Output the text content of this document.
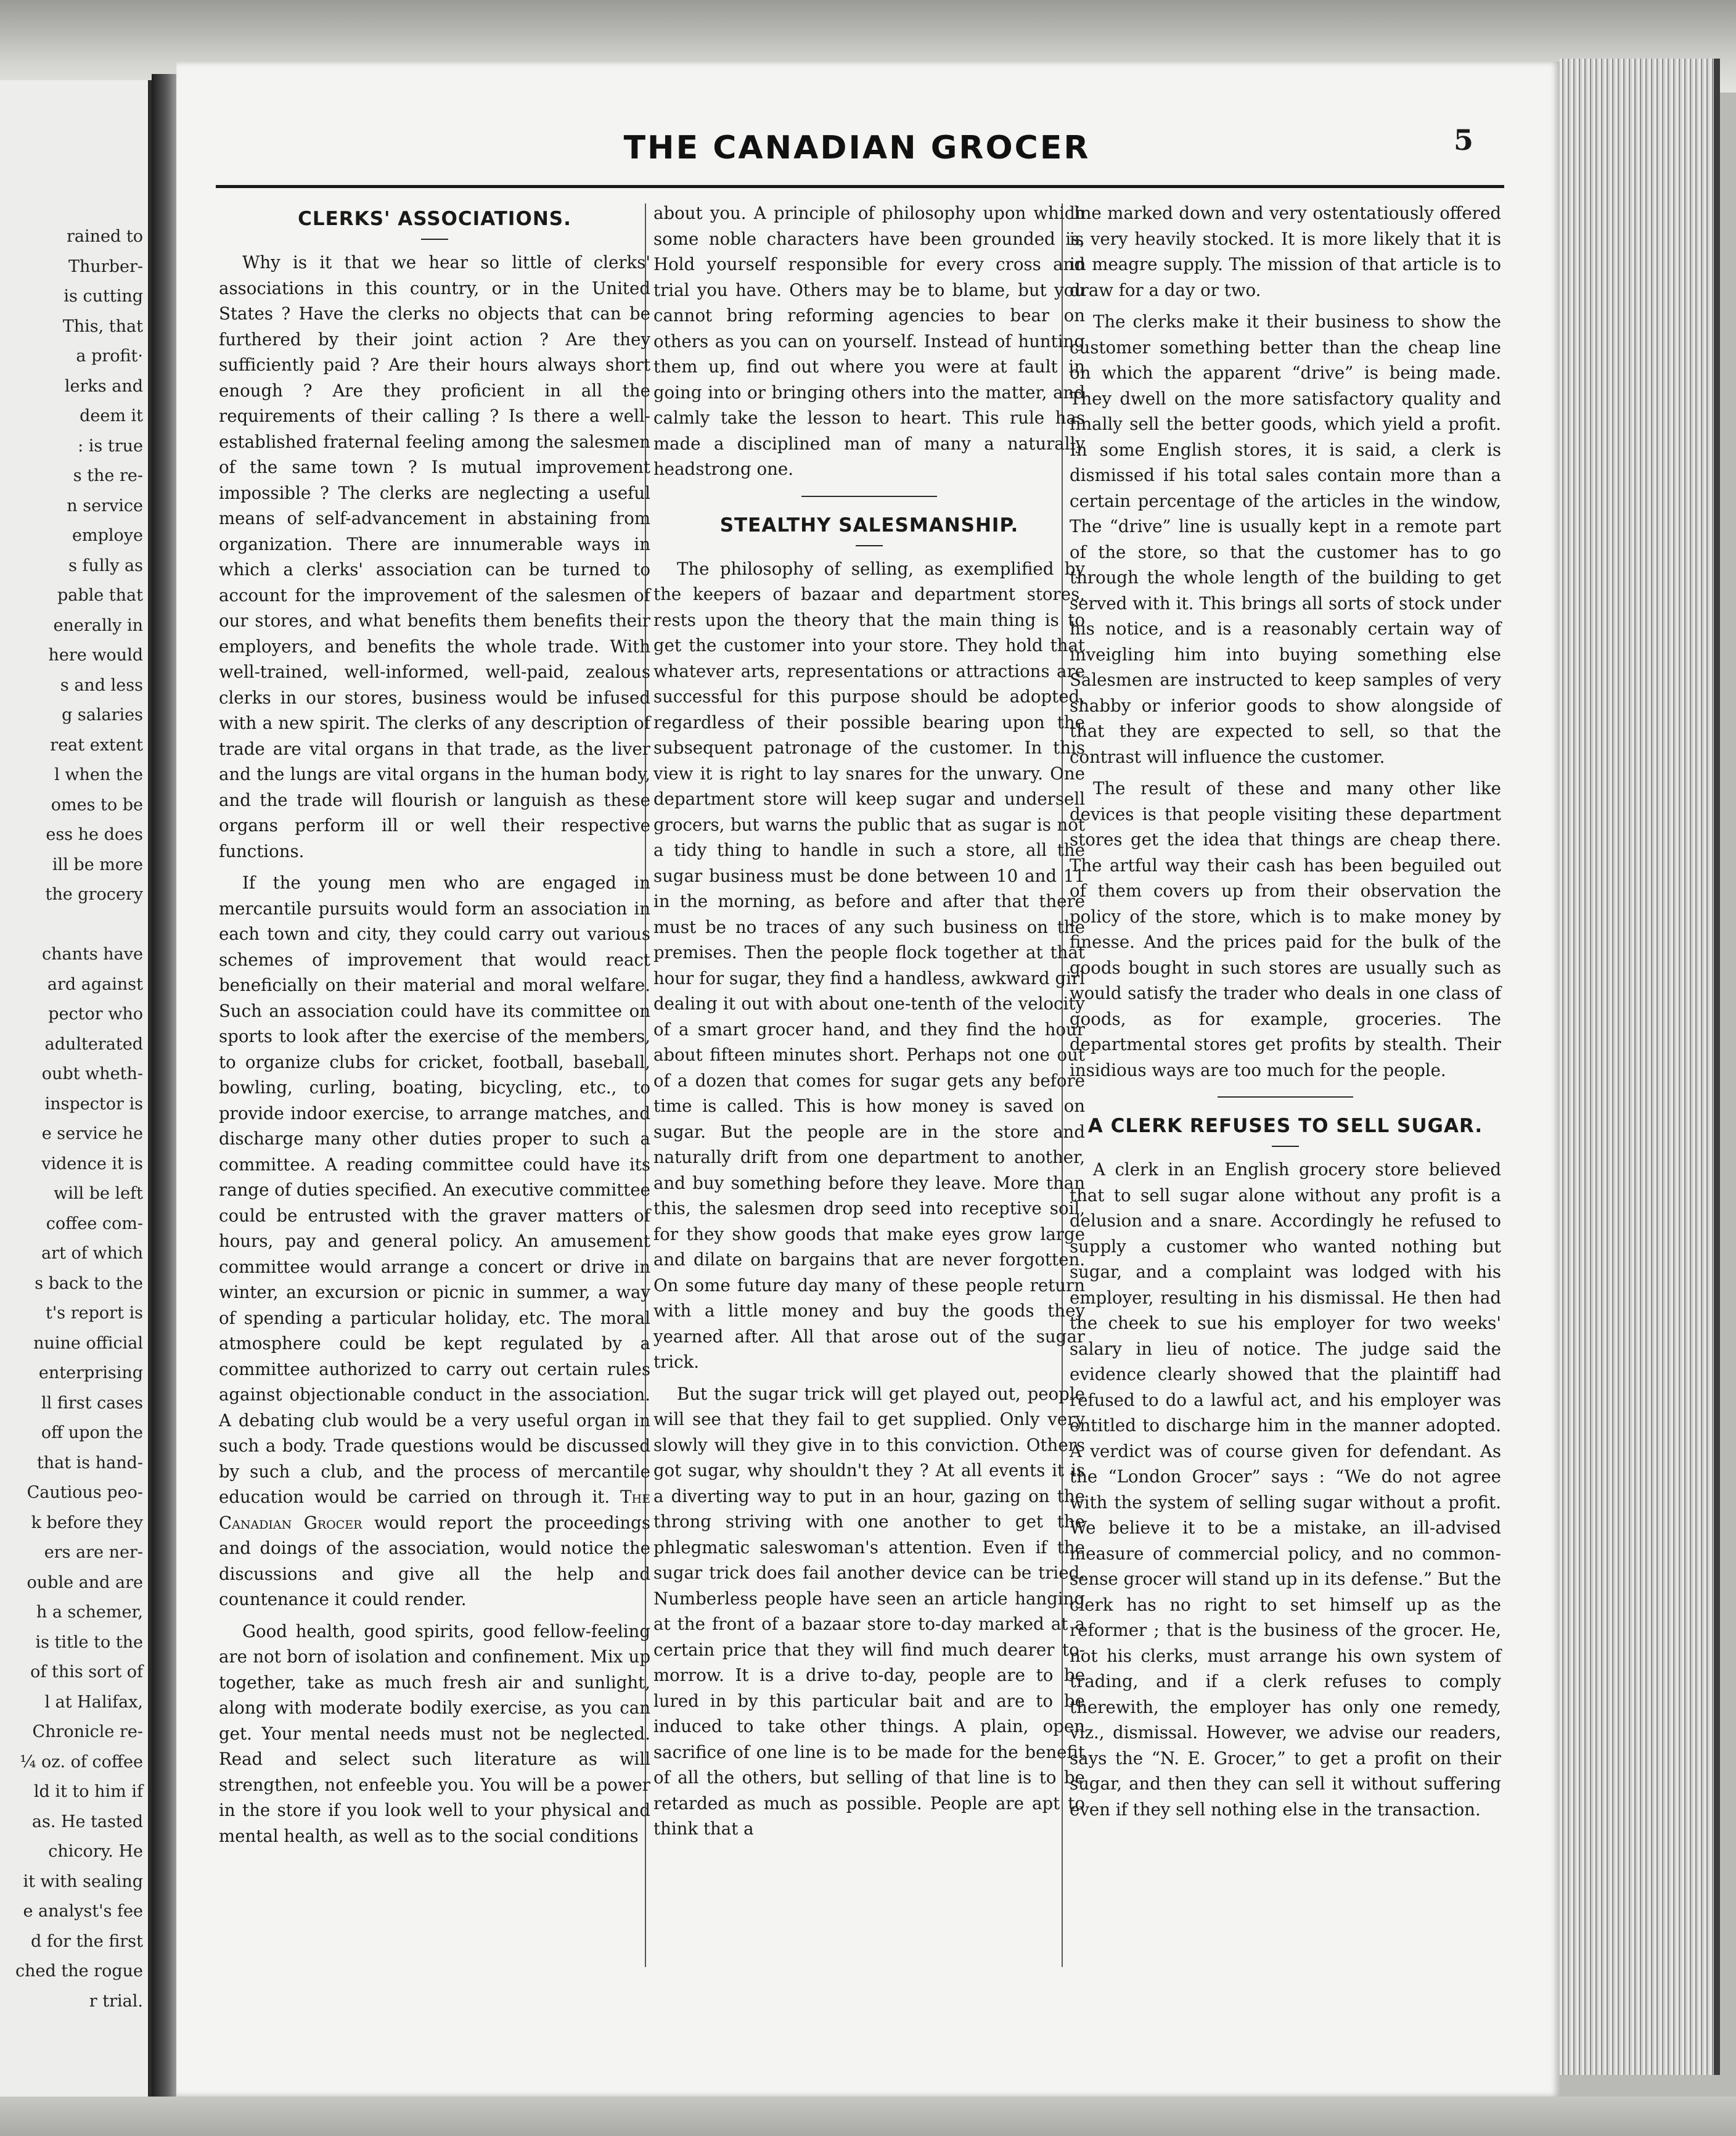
rained to
Thurber-
is cutting
This, that
a profit·
lerks and
deem it
: is true
s the re-
n service
employe
s fully as
pable that
enerally in
here would
s and less
g salaries
reat extent
l when the
omes to be
ess he does
ill be more
the grocery
chants have
ard against
pector who
adulterated
oubt wheth-
inspector is
e service he
vidence it is
will be left
coffee com-
art of which
s back to the
t's report is
nuine official
enterprising
ll first cases
off upon the
that is hand-
Cautious peo-
k before they
ers are ner-
ouble and are
h a schemer,
is title to the
of this sort of
l at Halifax,
Chronicle re-
¼ oz. of coffee
ld it to him if
as. He tasted
chicory. He
it with sealing
e analyst's fee
d for the first
ched the rogue
r trial.
THE CANADIAN GROCER	5
CLERKS' ASSOCIATIONS.

Why is it that we hear so little of clerks' associations in this country, or in the United States ? Have the clerks no objects that can be furthered by their joint action ? Are they sufficiently paid ? Are their hours always short enough ? Are they proficient in all the requirements of their calling ? Is there a well-established fraternal feeling among the salesmen of the same town ? Is mutual improvement impossible ? The clerks are neglecting a useful means of self-advancement in abstaining from organization. There are innumerable ways in which a clerks' association can be turned to account for the improvement of the salesmen of our stores, and what benefits them benefits their employers, and benefits the whole trade. With well-trained, well-informed, well-paid, zealous clerks in our stores, business would be infused with a new spirit. The clerks of any description of trade are vital organs in that trade, as the liver and the lungs are vital organs in the human body, and the trade will flourish or languish as these organs perform ill or well their respective functions.

If the young men who are engaged in mercantile pursuits would form an association in each town and city, they could carry out various schemes of improvement that would react beneficially on their material and moral welfare. Such an association could have its committee on sports to look after the exercise of the members, to organize clubs for cricket, football, baseball, bowling, curling, boating, bicycling, etc., to provide indoor exercise, to arrange matches, and discharge many other duties proper to such a committee. A reading committee could have its range of duties specified. An executive committee could be entrusted with the graver matters of hours, pay and general policy. An amusement committee would arrange a concert or drive in winter, an excursion or picnic in summer, a way of spending a particular holiday, etc. The moral atmosphere could be kept regulated by a committee authorized to carry out certain rules against objectionable conduct in the association. A debating club would be a very useful organ in such a body. Trade questions would be discussed by such a club, and the process of mercantile education would be carried on through it. The Canadian Grocer would report the proceedings and doings of the association, would notice the discussions and give all the help and countenance it could render.

Good health, good spirits, good fellow-feeling are not born of isolation and confinement. Mix up together, take as much fresh air and sunlight, along with moderate bodily exercise, as you can get. Your mental needs must not be neglected. Read and select such literature as will strengthen, not enfeeble you. You will be a power in the store if you look well to your physical and mental health, as well as to the social conditions

about you. A principle of philosophy upon which some noble characters have been grounded is, Hold yourself responsible for every cross and trial you have. Others may be to blame, but you cannot bring reforming agencies to bear on others as you can on yourself. Instead of hunting them up, find out where you were at fault in going into or bringing others into the matter, and calmly take the lesson to heart. This rule has made a disciplined man of many a naturally headstrong one.

STEALTHY SALESMANSHIP.

The philosophy of selling, as exemplified by the keepers of bazaar and department stores, rests upon the theory that the main thing is to get the customer into your store. They hold that whatever arts, representations or attractions are successful for this purpose should be adopted, regardless of their possible bearing upon the subsequent patronage of the customer. In this view it is right to lay snares for the unwary. One department store will keep sugar and undersell grocers, but warns the public that as sugar is not a tidy thing to handle in such a store, all the sugar business must be done between 10 and 11 in the morning, as before and after that there must be no traces of any such business on the premises. Then the people flock together at that hour for sugar, they find a handless, awkward girl dealing it out with about one-tenth of the velocity of a smart grocer hand, and they find the hour about fifteen minutes short. Perhaps not one out of a dozen that comes for sugar gets any before time is called. This is how money is saved on sugar. But the people are in the store and naturally drift from one department to another, and buy something before they leave. More than this, the salesmen drop seed into receptive soil, for they show goods that make eyes grow large and dilate on bargains that are never forgotten. On some future day many of these people return with a little money and buy the goods they yearned after. All that arose out of the sugar trick.

But the sugar trick will get played out, people will see that they fail to get supplied. Only very slowly will they give in to this conviction. Others got sugar, why shouldn't they ? At all events it is a diverting way to put in an hour, gazing on the throng striving with one another to get the phlegmatic saleswoman's attention. Even if the sugar trick does fail another device can be tried. Numberless people have seen an article hanging at the front of a bazaar store to-day marked at a certain price that they will find much dearer to-morrow. It is a drive to-day, people are to be lured in by this particular bait and are to be induced to take other things. A plain, open sacrifice of one line is to be made for the benefit of all the others, but selling of that line is to be retarded as much as possible. People are apt to think that a

line marked down and very ostentatiously offered is very heavily stocked. It is more likely that it is in meagre supply. The mission of that article is to draw for a day or two.

The clerks make it their business to show the customer something better than the cheap line on which the apparent “drive” is being made. They dwell on the more satisfactory quality and finally sell the better goods, which yield a profit. In some English stores, it is said, a clerk is dismissed if his total sales contain more than a certain percentage of the articles in the window, The “drive” line is usually kept in a remote part of the store, so that the customer has to go through the whole length of the building to get served with it. This brings all sorts of stock under his notice, and is a reasonably certain way of inveigling him into buying something else Salesmen are instructed to keep samples of very shabby or inferior goods to show alongside of that they are expected to sell, so that the contrast will influence the customer.

The result of these and many other like devices is that people visiting these department stores get the idea that things are cheap there. The artful way their cash has been beguiled out of them covers up from their observation the policy of the store, which is to make money by finesse. And the prices paid for the bulk of the goods bought in such stores are usually such as would satisfy the trader who deals in one class of goods, as for example, groceries. The departmental stores get profits by stealth. Their insidious ways are too much for the people.

A CLERK REFUSES TO SELL SUGAR.

A clerk in an English grocery store believed that to sell sugar alone without any profit is a delusion and a snare. Accordingly he refused to supply a customer who wanted nothing but sugar, and a complaint was lodged with his employer, resulting in his dismissal. He then had the cheek to sue his employer for two weeks' salary in lieu of notice. The judge said the evidence clearly showed that the plaintiff had refused to do a lawful act, and his employer was entitled to discharge him in the manner adopted. A verdict was of course given for defendant. As the “London Grocer” says : “We do not agree with the system of selling sugar without a profit. We believe it to be a mistake, an ill-advised measure of commercial policy, and no common-sense grocer will stand up in its defense.” But the clerk has no right to set himself up as the reformer ; that is the business of the grocer. He, not his clerks, must arrange his own system of trading, and if a clerk refuses to comply therewith, the employer has only one remedy, viz., dismissal. However, we advise our readers, says the “N. E. Grocer,” to get a profit on their sugar, and then they can sell it without suffering even if they sell nothing else in the transaction.
